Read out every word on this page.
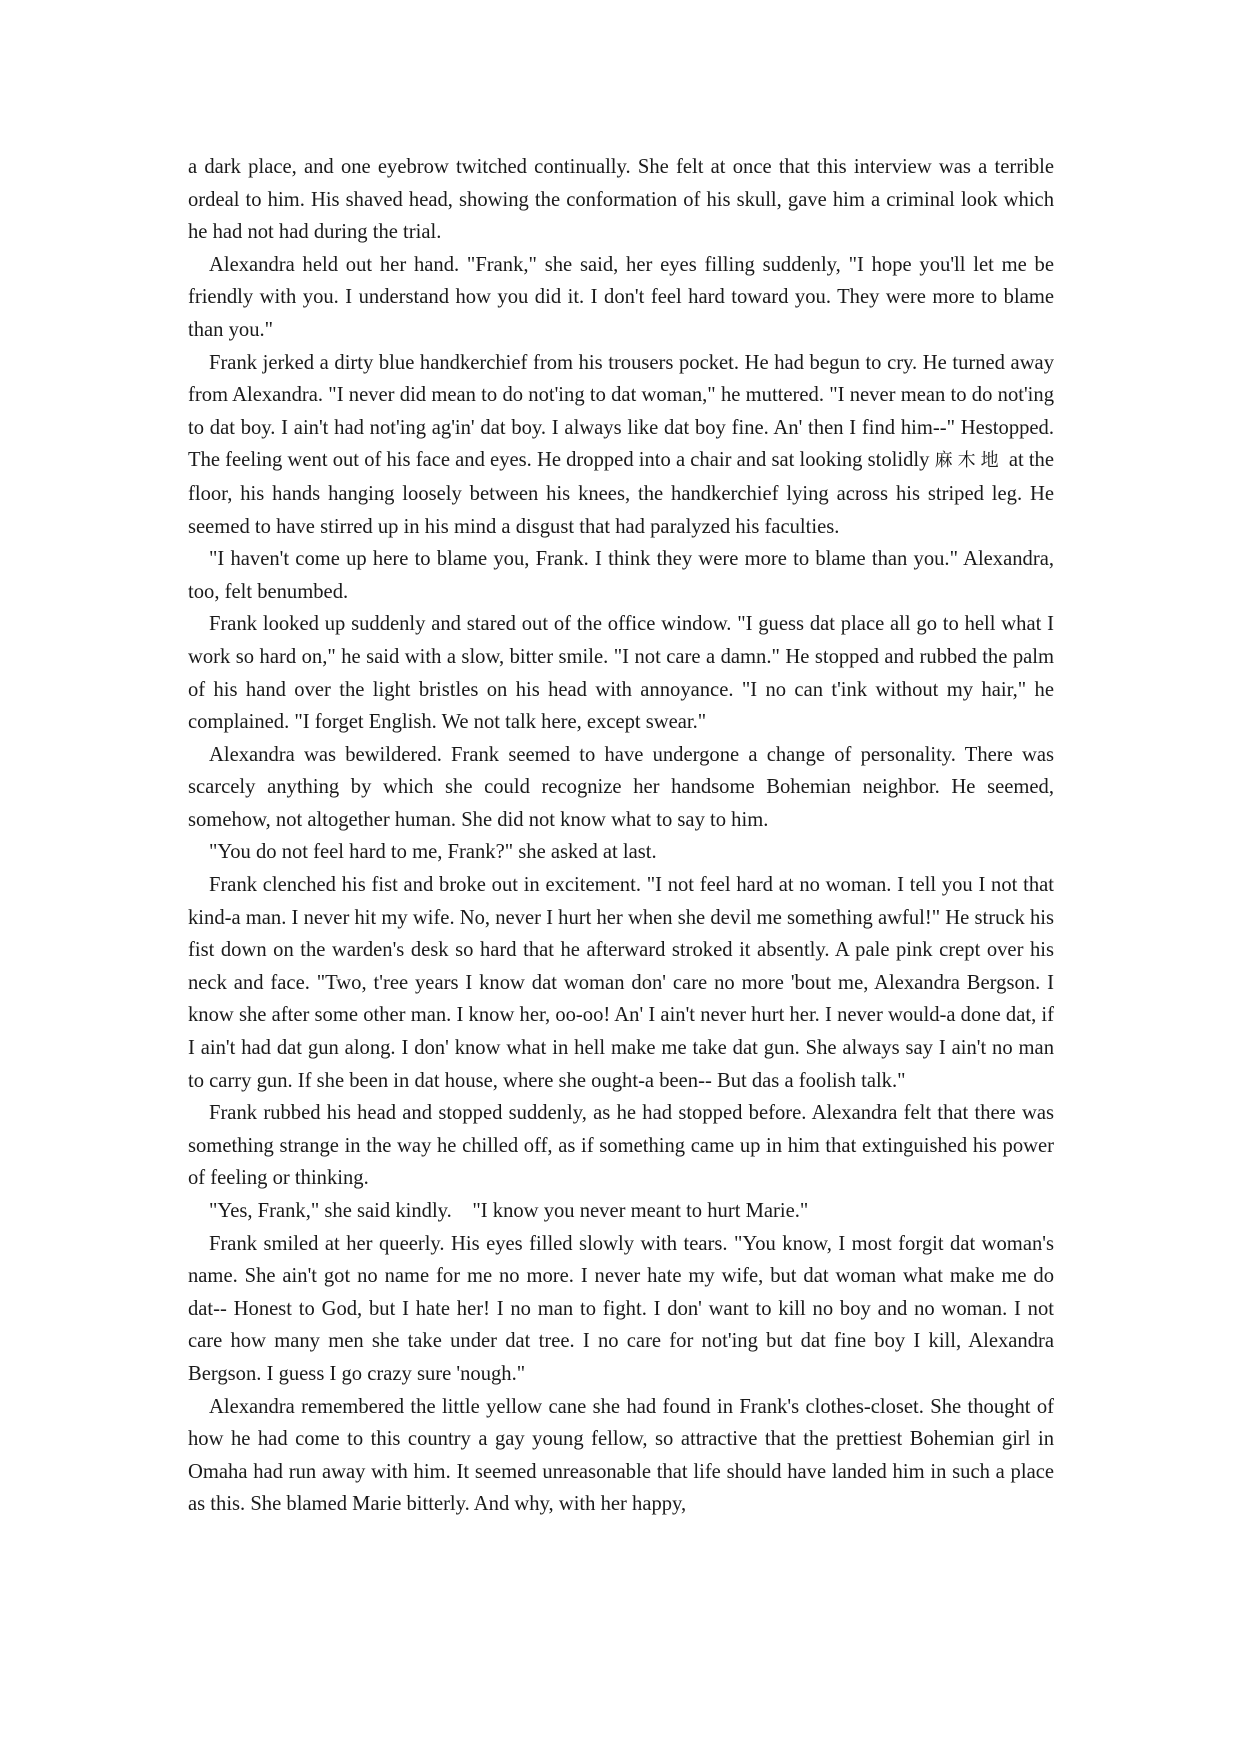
a dark place, and one eyebrow twitched continually. She felt at once that this interview was a terrible ordeal to him. His shaved head, showing the conformation of his skull, gave him a criminal look which he had not had during the trial.

Alexandra held out her hand. "Frank," she said, her eyes filling suddenly, "I hope you'll let me be friendly with you. I understand how you did it. I don't feel hard toward you. They were more to blame than you."

Frank jerked a dirty blue handkerchief from his trousers pocket. He had begun to cry. He turned away from Alexandra. "I never did mean to do not'ing to dat woman," he muttered. "I never mean to do not'ing to dat boy. I ain't had not'ing ag'in' dat boy. I always like dat boy fine. An' then I find him--" Hestopped. The feeling went out of his face and eyes. He dropped into a chair and sat looking stolidly 麻木地 at the floor, his hands hanging loosely between his knees, the handkerchief lying across his striped leg. He seemed to have stirred up in his mind a disgust that had paralyzed his faculties.

"I haven't come up here to blame you, Frank. I think they were more to blame than you." Alexandra, too, felt benumbed.

Frank looked up suddenly and stared out of the office window. "I guess dat place all go to hell what I work so hard on," he said with a slow, bitter smile. "I not care a damn." He stopped and rubbed the palm of his hand over the light bristles on his head with annoyance. "I no can t'ink without my hair," he complained. "I forget English. We not talk here, except swear."

Alexandra was bewildered. Frank seemed to have undergone a change of personality. There was scarcely anything by which she could recognize her handsome Bohemian neighbor. He seemed, somehow, not altogether human. She did not know what to say to him.

"You do not feel hard to me, Frank?" she asked at last.

Frank clenched his fist and broke out in excitement. "I not feel hard at no woman. I tell you I not that kind-a man. I never hit my wife. No, never I hurt her when she devil me something awful!" He struck his fist down on the warden's desk so hard that he afterward stroked it absently. A pale pink crept over his neck and face. "Two, t'ree years I know dat woman don' care no more 'bout me, Alexandra Bergson. I know she after some other man. I know her, oo-oo! An' I ain't never hurt her. I never would-a done dat, if I ain't had dat gun along. I don' know what in hell make me take dat gun. She always say I ain't no man to carry gun. If she been in dat house, where she ought-a been-- But das a foolish talk."

Frank rubbed his head and stopped suddenly, as he had stopped before. Alexandra felt that there was something strange in the way he chilled off, as if something came up in him that extinguished his power of feeling or thinking.

"Yes, Frank," she said kindly. "I know you never meant to hurt Marie."

Frank smiled at her queerly. His eyes filled slowly with tears. "You know, I most forgit dat woman's name. She ain't got no name for me no more. I never hate my wife, but dat woman what make me do dat-- Honest to God, but I hate her! I no man to fight. I don' want to kill no boy and no woman. I not care how many men she take under dat tree. I no care for not'ing but dat fine boy I kill, Alexandra Bergson. I guess I go crazy sure 'nough."

Alexandra remembered the little yellow cane she had found in Frank's clothes-closet. She thought of how he had come to this country a gay young fellow, so attractive that the prettiest Bohemian girl in Omaha had run away with him. It seemed unreasonable that life should have landed him in such a place as this. She blamed Marie bitterly. And why, with her happy,
